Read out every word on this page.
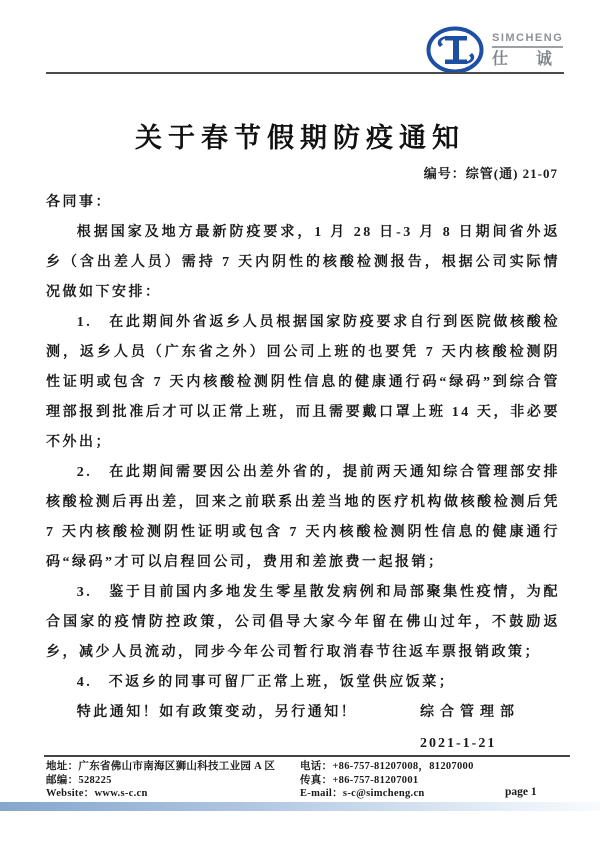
SIMCHENG
仕 诚
关于春节假期防疫通知
编号：综管(通) 21-07

各同事：

根据国家及地方最新防疫要求，1 月 28 日-3 月 8 日期间省外返乡（含出差人员）需持 7 天内阴性的核酸检测报告，根据公司实际情况做如下安排：

1.　在此期间外省返乡人员根据国家防疫要求自行到医院做核酸检测，返乡人员（广东省之外）回公司上班的也要凭 7 天内核酸检测阴性证明或包含 7 天内核酸检测阴性信息的健康通行码“绿码”到综合管理部报到批准后才可以正常上班，而且需要戴口罩上班 14 天，非必要不外出；

2.　在此期间需要因公出差外省的，提前两天通知综合管理部安排核酸检测后再出差，回来之前联系出差当地的医疗机构做核酸检测后凭 7 天内核酸检测阴性证明或包含 7 天内核酸检测阴性信息的健康通行码“绿码”才可以启程回公司，费用和差旅费一起报销；

3.　鉴于目前国内多地发生零星散发病例和局部聚集性疫情，为配合国家的疫情防控政策，公司倡导大家今年留在佛山过年，不鼓励返乡，减少人员流动，同步今年公司暂行取消春节往返车票报销政策；

4.　不返乡的同事可留厂正常上班，饭堂供应饭菜；

特此通知！如有政策变动，另行通知！	综合管理部
2021-1-21
地址：广东省佛山市南海区狮山科技工业园 A 区
邮编：528225
Website：www.s-c.cn
电话：+86-757-81207008，81207000
传真：+86-757-81207001
E-mail：s-c@simcheng.cn	page 1
